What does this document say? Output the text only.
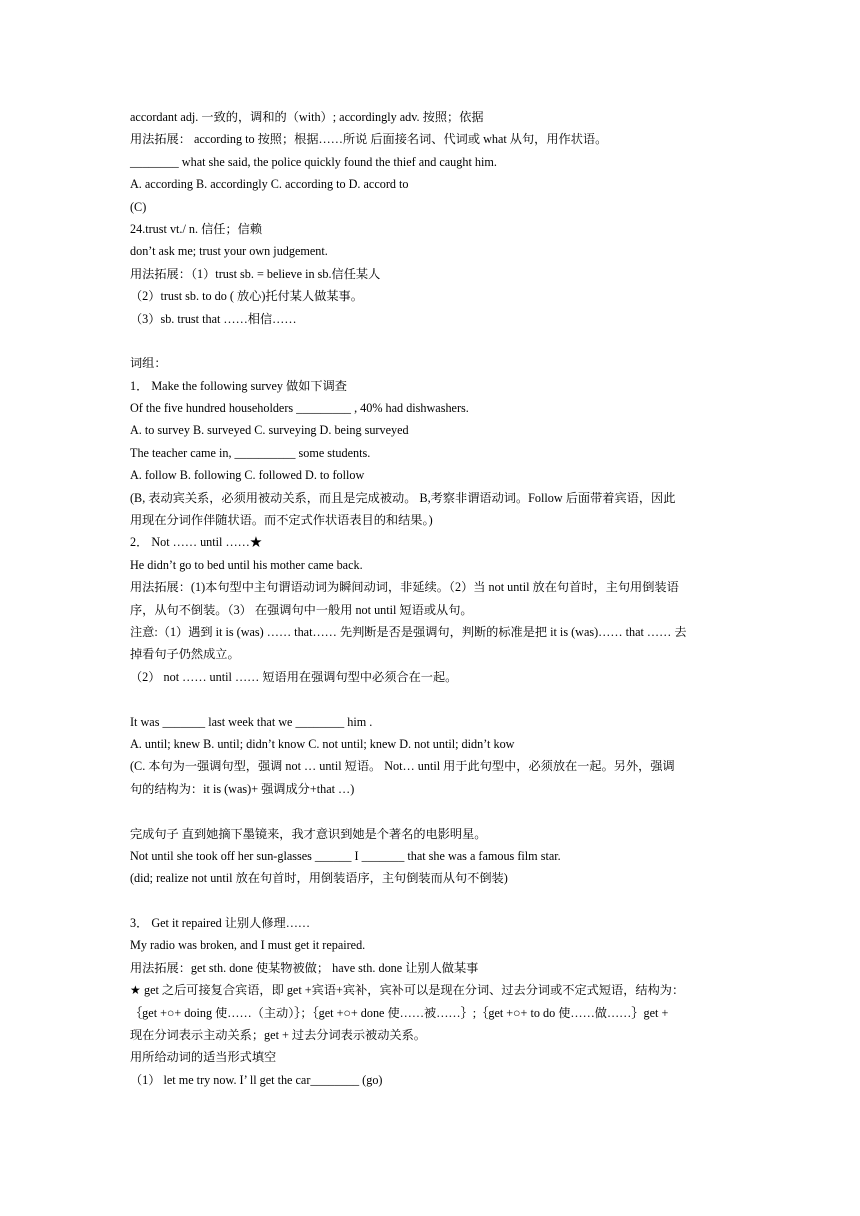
accordant adj. 一致的，调和的（with）; accordingly adv. 按照；依据
用法拓展： according to 按照；根据……所说 后面接名词、代词或 what 从句，用作状语。
________ what she said, the police quickly found the thief and caught him.
A. according B. accordingly C. according to D. accord to
(C)
24.trust vt./ n. 信任；信赖
don’t ask me; trust your own judgement.
用法拓展：（1）trust sb. = believe in sb.信任某人
（2）trust sb. to do ( 放心)托付某人做某事。
（3）sb. trust that ……相信……
词组：
1． Make the following survey 做如下调查
Of the five hundred householders _________ , 40% had dishwashers.
A. to survey B. surveyed C. surveying D. being surveyed
The teacher came in, __________ some students.
A. follow B. following C. followed D. to follow
(B, 表动宾关系，必须用被动关系，而且是完成被动。 B,考察非谓语动词。Follow 后面带着宾语，因此
用现在分词作伴随状语。而不定式作状语表目的和结果。)
2． Not …… until ……★
He didn’t go to bed until his mother came back.
用法拓展：(1)本句型中主句谓语动词为瞬间动词，非延续。（2）当 not until 放在句首时，主句用倒装语
序，从句不倒装。（3） 在强调句中一般用 not until 短语或从句。
注意:（1）遇到 it is (was) …… that…… 先判断是否是强调句，判断的标准是把 it is (was)…… that …… 去
掉看句子仍然成立。
（2） not …… until …… 短语用在强调句型中必须合在一起。
It was _______ last week that we ________ him .
A. until; knew B. until; didn’t know C. not until; knew D. not until; didn’t kow
(C. 本句为一强调句型，强调 not … until 短语。 Not… until 用于此句型中，必须放在一起。另外，强调
句的结构为：it is (was)+ 强调成分+that …)
完成句子 直到她摘下墨镜来，我才意识到她是个著名的电影明星。
Not until she took off her sun-glasses ______ I _______ that she was a famous film star.
(did; realize not until 放在句首时，用倒装语序，主句倒装而从句不倒装)
3． Get it repaired 让别人修理……
My radio was broken, and I must get it repaired.
用法拓展：get sth. done 使某物被做； have sth. done 让别人做某事
★ get 之后可接复合宾语，即 get +宾语+宾补，宾补可以是现在分词、过去分词或不定式短语，结构为：
｛get +○+ doing 使……（主动）｝；｛get +○+ done 使……被……｝;｛get +○+ to do 使……做……｝get +
现在分词表示主动关系；get + 过去分词表示被动关系。
用所给动词的适当形式填空
（1） let me try now. I’ ll get the car________ (go)
